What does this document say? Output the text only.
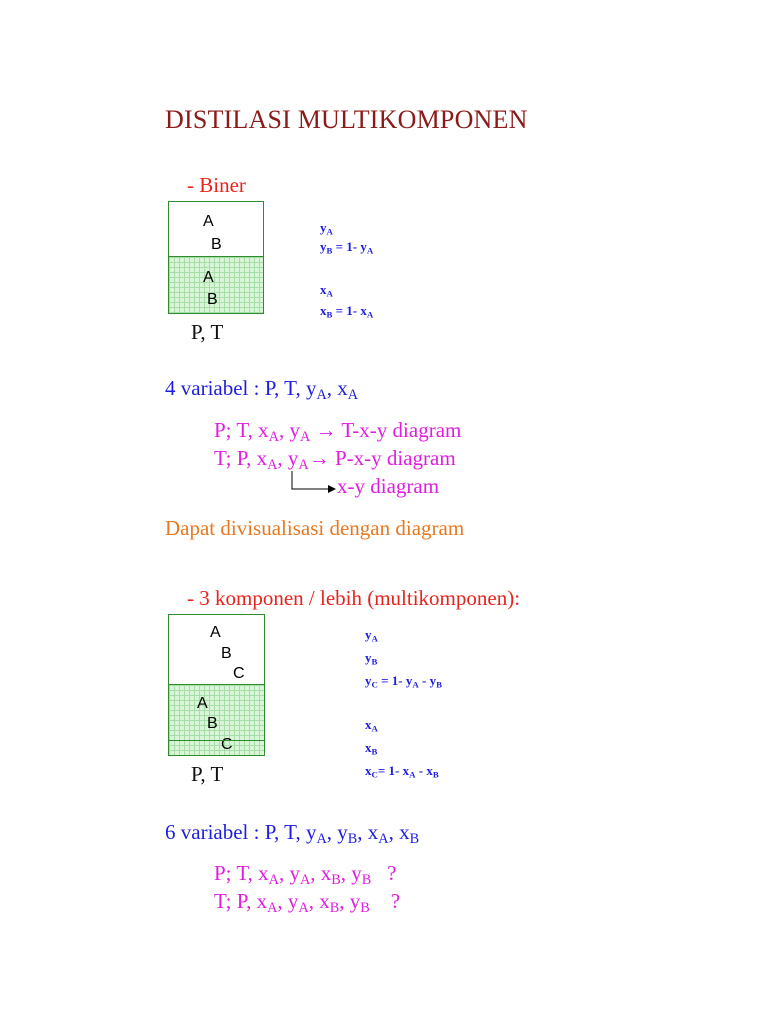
DISTILASI MULTIKOMPONEN
- Biner
A
B
A
B
P, T
$y_A$
$y_B = 1-$ $y_A$
$x_A$
$x_B = 1-$ $x_A$
4 variabel : P, T, $y_A$, $x_A$
P; T, $x_A$, $y_A \to T-x-y$ diagram
T; P, $x_A$, $y_A\to P-x-y$ diagram
x-y diagram
Dapat divisualisasi dengan diagram
- 3 komponen / lebih (multikomponen):
A
B
C
A
B
C
P, T
$y_A$
$y_B$
$y_C = 1-$ $y_A - y_B$
$x_A$
$x_B$
$x_C= 1-$ $x_A - x_B$
6 variabel : P, T, $y_A$, $y_B$, $x_A$, $x_B$
P; T, $x_A$, $y_A$, $x_B$, $y_B$   ?
T; P, $x_A$, $y_A$, $x_B$, $y_B$    ?
